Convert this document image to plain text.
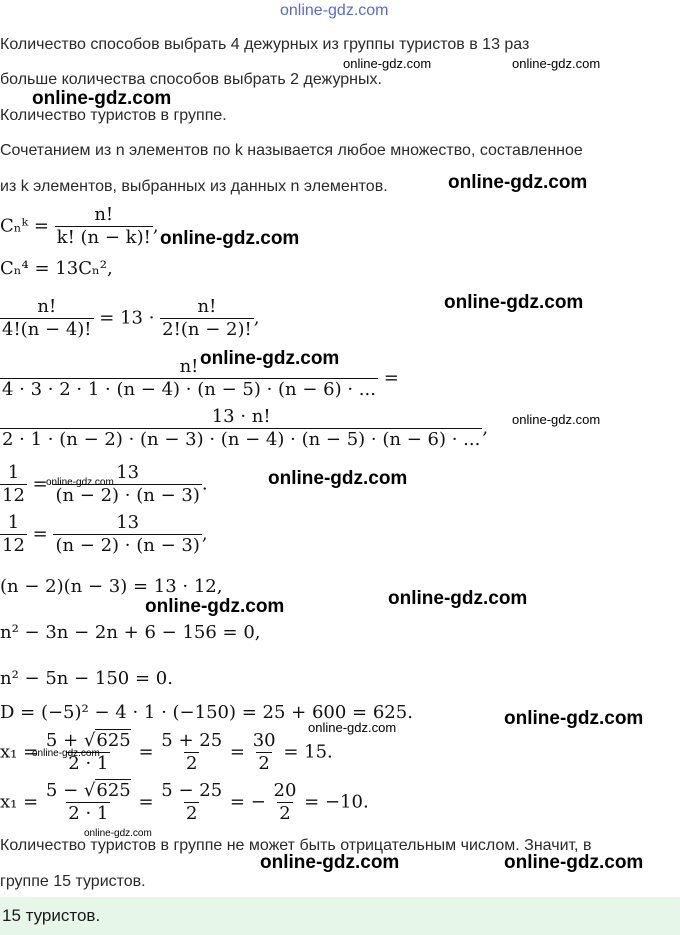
online-gdz.com
Количество способов выбрать 4 дежурных из группы туристов в 13 раз
больше количества способов выбрать 2 дежурных.
Количество туристов в группе.
Сочетанием из n элементов по k называется любое множество, составленное
из k элементов, выбранных из данных n элементов.
Cₙᵏ = $\frac{n!}{k! (n - k)!}$ ,
Cₙ⁴ = 13Cₙ²,
$\frac{n!}{4!(n - 4)!} = 13 \cdot \frac{n!}{2!(n - 2)!}$ ,
$\frac{n!}{4 \cdot 3 \cdot 2 \cdot 1 \cdot (n - 4) \cdot (n - 5) \cdot (n - 6) \cdot ...}$ =
13 · n!
2 · 1 · (n − 2) · (n − 3) · (n − 4) · (n − 5) · (n − 6) · ...
,
$\frac{1}{12} = \frac{13}{(n - 2) \cdot (n - 3)}$ .
$\frac{1}{12} = \frac{13}{(n - 2) \cdot (n - 3)}$ ,
(n − 2)(n − 3) = 13 · 12,
n² − 3n − 2n + 6 − 156 = 0,
n² − 5n − 150 = 0.
D = (−5)² − 4 · 1 · (−150) = 25 + 600 = 625.
$x_1 = \frac{5 + √625}{2 \cdot 1} = \frac{5 + 25}{2} = \frac{30}{2} = 15$.
$x_1 = \frac{5 - √625}{2 \cdot 1} = \frac{5 - 25}{2}$ = − $\frac{20}{2} = -10$.
Количество туристов в группе не может быть отрицательным числом. Значит, в
группе 15 туристов.
15 туристов.
online-gdz.com	online-gdz.com
online-gdz.com
online-gdz.com
online-gdz.com
online-gdz.com
online-gdz.com
online-gdz.com
online-gdz.com
online-gdz.com
online-gdz.com
online-gdz.com
online-gdz.com
online-gdz.com
online-gdz.com
online-gdz.com
online-gdz.com	online-gdz.com
